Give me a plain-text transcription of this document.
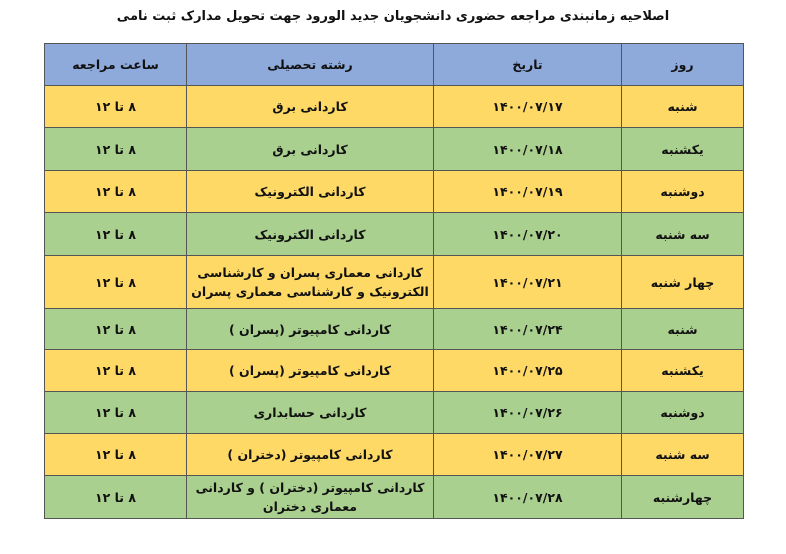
اصلاحیه زمانبندی مراجعه حضوری دانشجویان جدید الورود جهت تحویل مدارک ثبت نامی
روز	تاریخ	رشته تحصیلی	ساعت مراجعه
شنبه	۱۴۰۰/۰۷/۱۷	کاردانی برق	۸ تا ۱۲
یکشنبه	۱۴۰۰/۰۷/۱۸	کاردانی برق	۸ تا ۱۲
دوشنبه	۱۴۰۰/۰۷/۱۹	کاردانی الکترونیک	۸ تا ۱۲
سه شنبه	۱۴۰۰/۰۷/۲۰	کاردانی الکترونیک	۸ تا ۱۲
چهار شنبه	۱۴۰۰/۰۷/۲۱	کاردانی معماری پسران و کارشناسی الکترونیک و کارشناسی معماری پسران	۸ تا ۱۲
شنبه	۱۴۰۰/۰۷/۲۴	کاردانی کامپیوتر (پسران )	۸ تا ۱۲
یکشنبه	۱۴۰۰/۰۷/۲۵	کاردانی کامپیوتر (پسران )	۸ تا ۱۲
دوشنبه	۱۴۰۰/۰۷/۲۶	کاردانی حسابداری	۸ تا ۱۲
سه شنبه	۱۴۰۰/۰۷/۲۷	کاردانی کامپیوتر (دختران )	۸ تا ۱۲
چهارشنبه	۱۴۰۰/۰۷/۲۸	کاردانی کامپیوتر (دختران ) و کاردانی معماری دختران	۸ تا ۱۲
